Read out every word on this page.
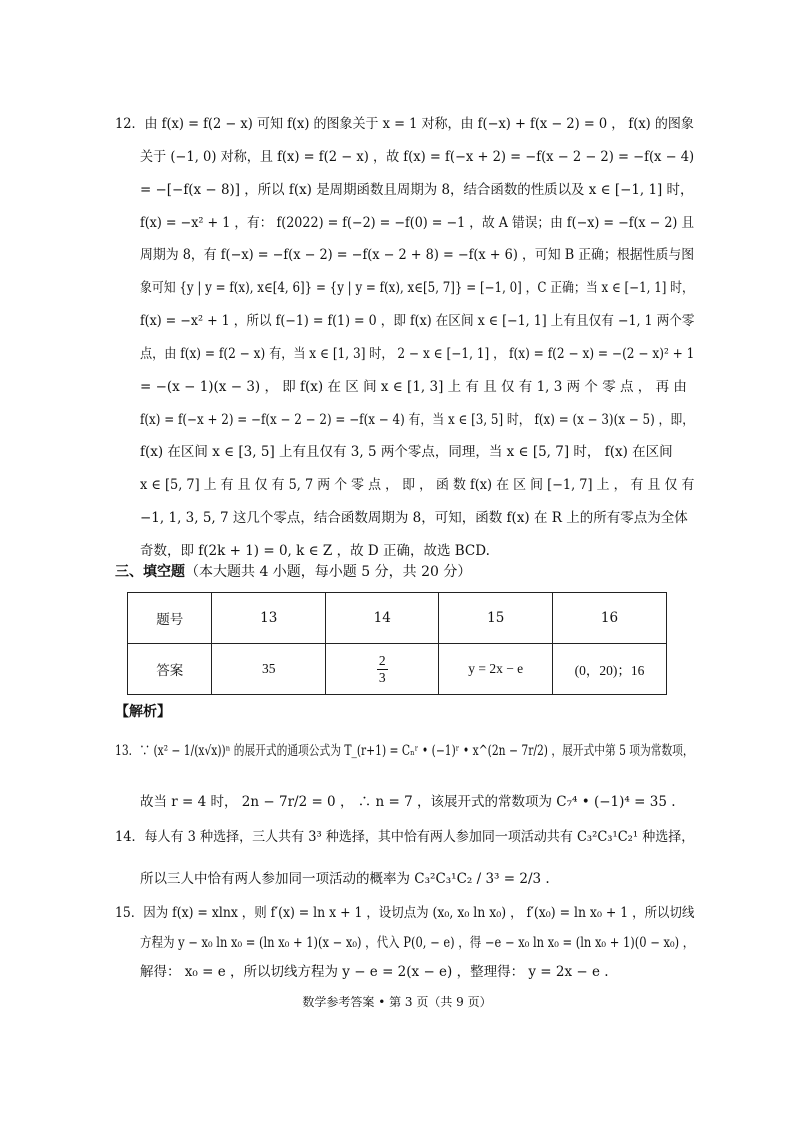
12．由 f(x) = f(2 − x) 可知 f(x) 的图象关于 x = 1 对称，由 f(−x) + f(x − 2) = 0 ， f(x) 的图象
关于 (−1, 0) 对称，且 f(x) = f(2 − x) ，故 f(x) = f(−x + 2) = −f(x − 2 − 2) = −f(x − 4)
= −[−f(x − 8)] ，所以 f(x) 是周期函数且周期为 8，结合函数的性质以及 x ∈ [−1, 1] 时，
f(x) = −x² + 1 ，有： f(2022) = f(−2) = −f(0) = −1 ，故 A 错误；由 f(−x) = −f(x − 2) 且
周期为 8，有 f(−x) = −f(x − 2) = −f(x − 2 + 8) = −f(x + 6) ，可知 B 正确；根据性质与图
象可知 {y | y = f(x), x∈[4, 6]} = {y | y = f(x), x∈[5, 7]} = [−1, 0] ，C 正确；当 x ∈ [−1, 1] 时，
f(x) = −x² + 1 ，所以 f(−1) = f(1) = 0 ，即 f(x) 在区间 x ∈ [−1, 1] 上有且仅有 −1, 1 两个零
点，由 f(x) = f(2 − x) 有，当 x ∈ [1, 3] 时， 2 − x ∈ [−1, 1] ， f(x) = f(2 − x) = −(2 − x)² + 1
= −(x − 1)(x − 3) ， 即 f(x) 在 区 间 x ∈ [1, 3] 上 有 且 仅 有 1, 3 两 个 零 点 ， 再 由
f(x) = f(−x + 2) = −f(x − 2 − 2) = −f(x − 4) 有，当 x ∈ [3, 5] 时， f(x) = (x − 3)(x − 5) ，即，
f(x) 在区间 x ∈ [3, 5] 上有且仅有 3, 5 两个零点，同理，当 x ∈ [5, 7] 时， f(x) 在区间
x ∈ [5, 7] 上 有 且 仅 有 5, 7 两 个 零 点 ， 即 ， 函 数 f(x) 在 区 间 [−1, 7] 上 ， 有 且 仅 有
−1, 1, 3, 5, 7 这几个零点，结合函数周期为 8，可知，函数 f(x) 在 R 上的所有零点为全体
奇数，即 f(2k + 1) = 0, k ∈ Z ，故 D 正确，故选 BCD.
三、填空题（本大题共 4 小题，每小题 5 分，共 20 分）
题号	13	14	15	16
答案	35	$\frac{2}{3}$	y = 2x − e	(0，20)；16
【解析】
13．∵ (x² − 1/(x√x))ⁿ 的展开式的通项公式为 T_(r+1) = Cₙʳ • (−1)ʳ • x^(2n − 7r/2) ，展开式中第 5 项为常数项，
故当 r = 4 时， 2n − 7r/2 = 0 ， ∴ n = 7 ，该展开式的常数项为 C₇⁴ • (−1)⁴ = 35 .
14．每人有 3 种选择，三人共有 3³ 种选择，其中恰有两人参加同一项活动共有 C₃²C₃¹C₂¹ 种选择，
所以三人中恰有两人参加同一项活动的概率为 C₃²C₃¹C₂ / 3³ = 2/3 .
15．因为 f(x) = xlnx ，则 f′(x) = ln x + 1 ，设切点为 (x₀, x₀ ln x₀) ， f′(x₀) = ln x₀ + 1 ，所以切线
方程为 y − x₀ ln x₀ = (ln x₀ + 1)(x − x₀) ，代入 P(0, − e) ，得 −e − x₀ ln x₀ = (ln x₀ + 1)(0 − x₀) ，
解得： x₀ = e ，所以切线方程为 y − e = 2(x − e) ，整理得： y = 2x − e .
数学参考答案 • 第 3 页（共 9 页）
